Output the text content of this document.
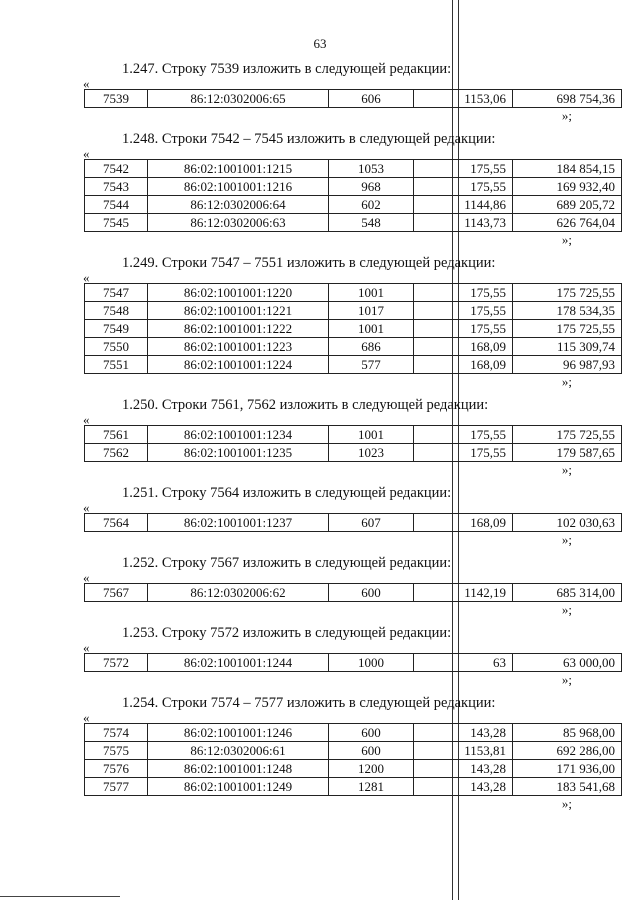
63
1.247. Строку 7539 изложить в следующей редакции:
«
7539	86:12:0302006:65	606	1153,06	698 754,36
»;
1.248. Строки 7542 – 7545 изложить в следующей редакции:
«
7542	86:02:1001001:1215	1053	175,55	184 854,15
7543	86:02:1001001:1216	968	175,55	169 932,40
7544	86:12:0302006:64	602	1144,86	689 205,72
7545	86:12:0302006:63	548	1143,73	626 764,04
»;
1.249. Строки 7547 – 7551 изложить в следующей редакции:
«
7547	86:02:1001001:1220	1001	175,55	175 725,55
7548	86:02:1001001:1221	1017	175,55	178 534,35
7549	86:02:1001001:1222	1001	175,55	175 725,55
7550	86:02:1001001:1223	686	168,09	115 309,74
7551	86:02:1001001:1224	577	168,09	96 987,93
»;
1.250. Строки 7561, 7562 изложить в следующей редакции:
«
7561	86:02:1001001:1234	1001	175,55	175 725,55
7562	86:02:1001001:1235	1023	175,55	179 587,65
»;
1.251. Строку 7564 изложить в следующей редакции:
«
7564	86:02:1001001:1237	607	168,09	102 030,63
»;
1.252. Строку 7567 изложить в следующей редакции:
«
7567	86:12:0302006:62	600	1142,19	685 314,00
»;
1.253. Строку 7572 изложить в следующей редакции:
«
7572	86:02:1001001:1244	1000	63	63 000,00
»;
1.254. Строки 7574 – 7577 изложить в следующей редакции:
«
7574	86:02:1001001:1246	600	143,28	85 968,00
7575	86:12:0302006:61	600	1153,81	692 286,00
7576	86:02:1001001:1248	1200	143,28	171 936,00
7577	86:02:1001001:1249	1281	143,28	183 541,68
»;
